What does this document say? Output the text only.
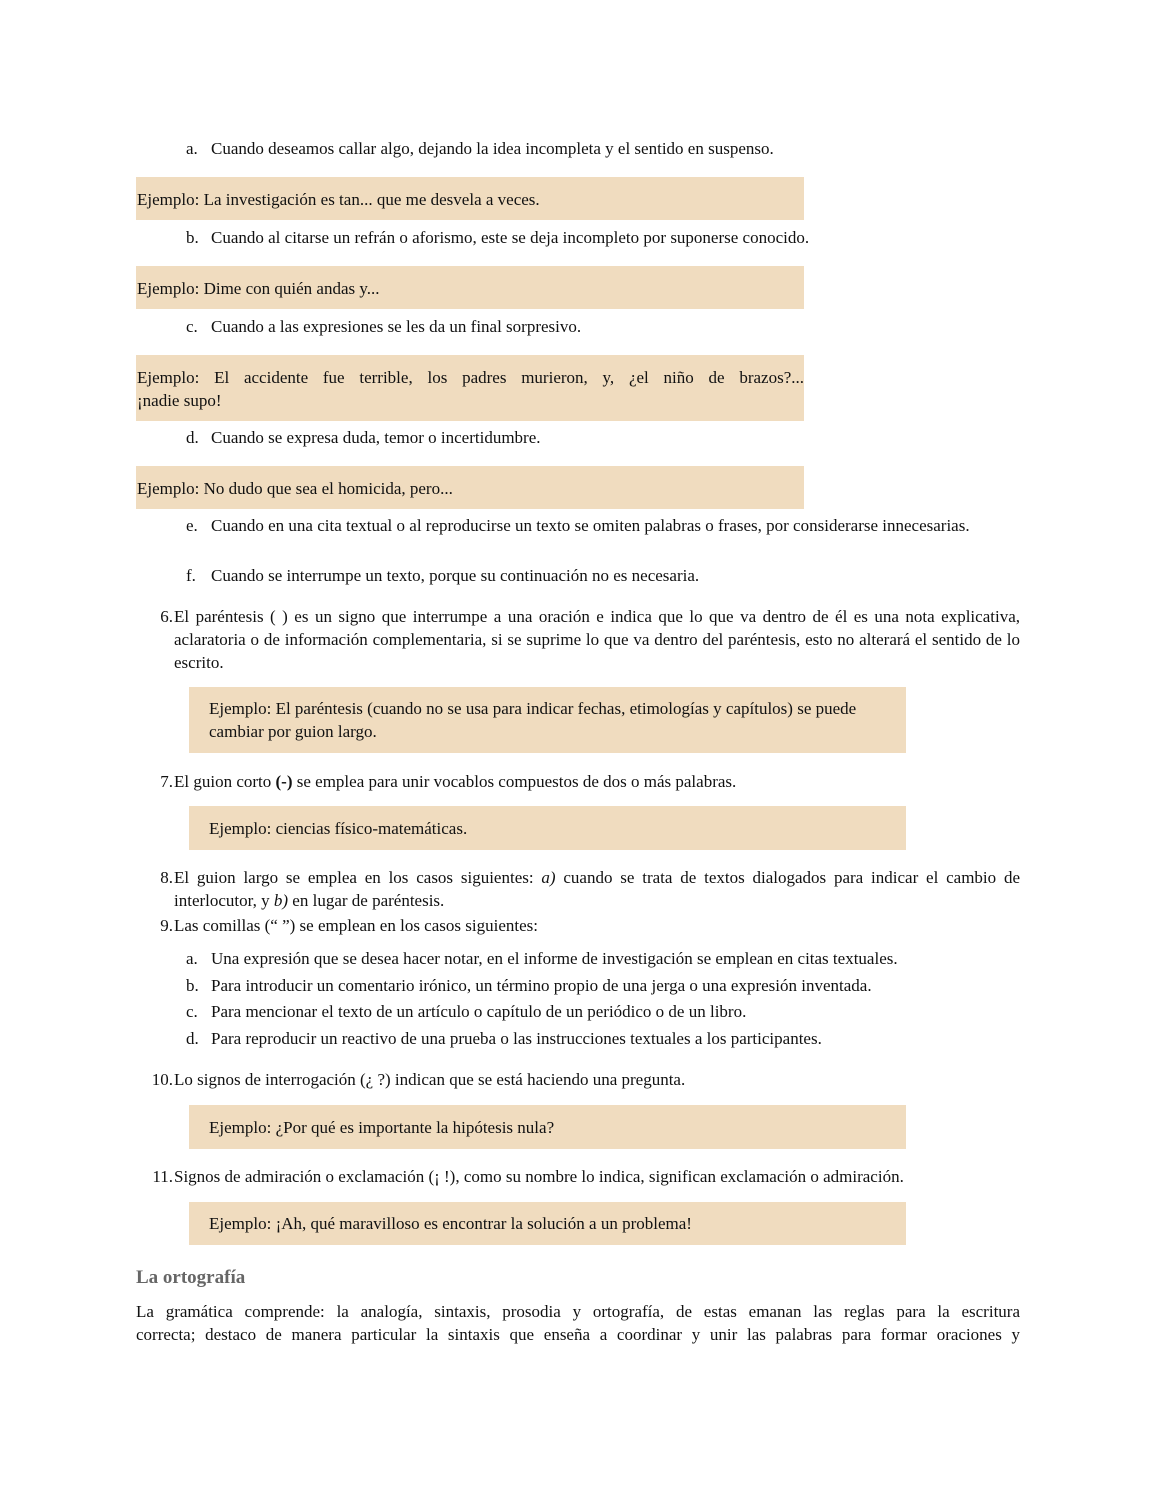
a. Cuando deseamos callar algo, dejando la idea incompleta y el sentido en suspenso.
Ejemplo: La investigación es tan... que me desvela a veces.
b. Cuando al citarse un refrán o aforismo, este se deja incompleto por suponerse conocido.
Ejemplo: Dime con quién andas y...
c. Cuando a las expresiones se les da un final sorpresivo.
Ejemplo: El accidente fue terrible, los padres murieron, y, ¿el niño de brazos?...
¡nadie supo!
d. Cuando se expresa duda, temor o incertidumbre.
Ejemplo: No dudo que sea el homicida, pero...
e. Cuando en una cita textual o al reproducirse un texto se omiten palabras o frases, por considerarse innecesarias.
f. Cuando se interrumpe un texto, porque su continuación no es necesaria.
6. El paréntesis ( ) es un signo que interrumpe a una oración e indica que lo que va dentro de él es una nota explicativa, aclaratoria o de información complementaria, si se suprime lo que va dentro del paréntesis, esto no alterará el sentido de lo escrito.
Ejemplo: El paréntesis (cuando no se usa para indicar fechas, etimologías y capítulos) se puede cambiar por guion largo.
7. El guion corto (-) se emplea para unir vocablos compuestos de dos o más palabras.
Ejemplo: ciencias físico-matemáticas.
8. El guion largo se emplea en los casos siguientes: a) cuando se trata de textos dialogados para indicar el cambio de interlocutor, y b) en lugar de paréntesis.
9. Las comillas (“ ”) se emplean en los casos siguientes:
a. Una expresión que se desea hacer notar, en el informe de investigación se emplean en citas textuales.
b. Para introducir un comentario irónico, un término propio de una jerga o una expresión inventada.
c. Para mencionar el texto de un artículo o capítulo de un periódico o de un libro.
d. Para reproducir un reactivo de una prueba o las instrucciones textuales a los participantes.
10. Lo signos de interrogación (¿ ?) indican que se está haciendo una pregunta.
Ejemplo: ¿Por qué es importante la hipótesis nula?
11. Signos de admiración o exclamación (¡ !), como su nombre lo indica, significan exclamación o admiración.
Ejemplo: ¡Ah, qué maravilloso es encontrar la solución a un problema!
La ortografía
La gramática comprende: la analogía, sintaxis, prosodia y ortografía, de estas emanan las reglas para la escritura
correcta; destaco de manera particular la sintaxis que enseña a coordinar y unir las palabras para formar oraciones y
